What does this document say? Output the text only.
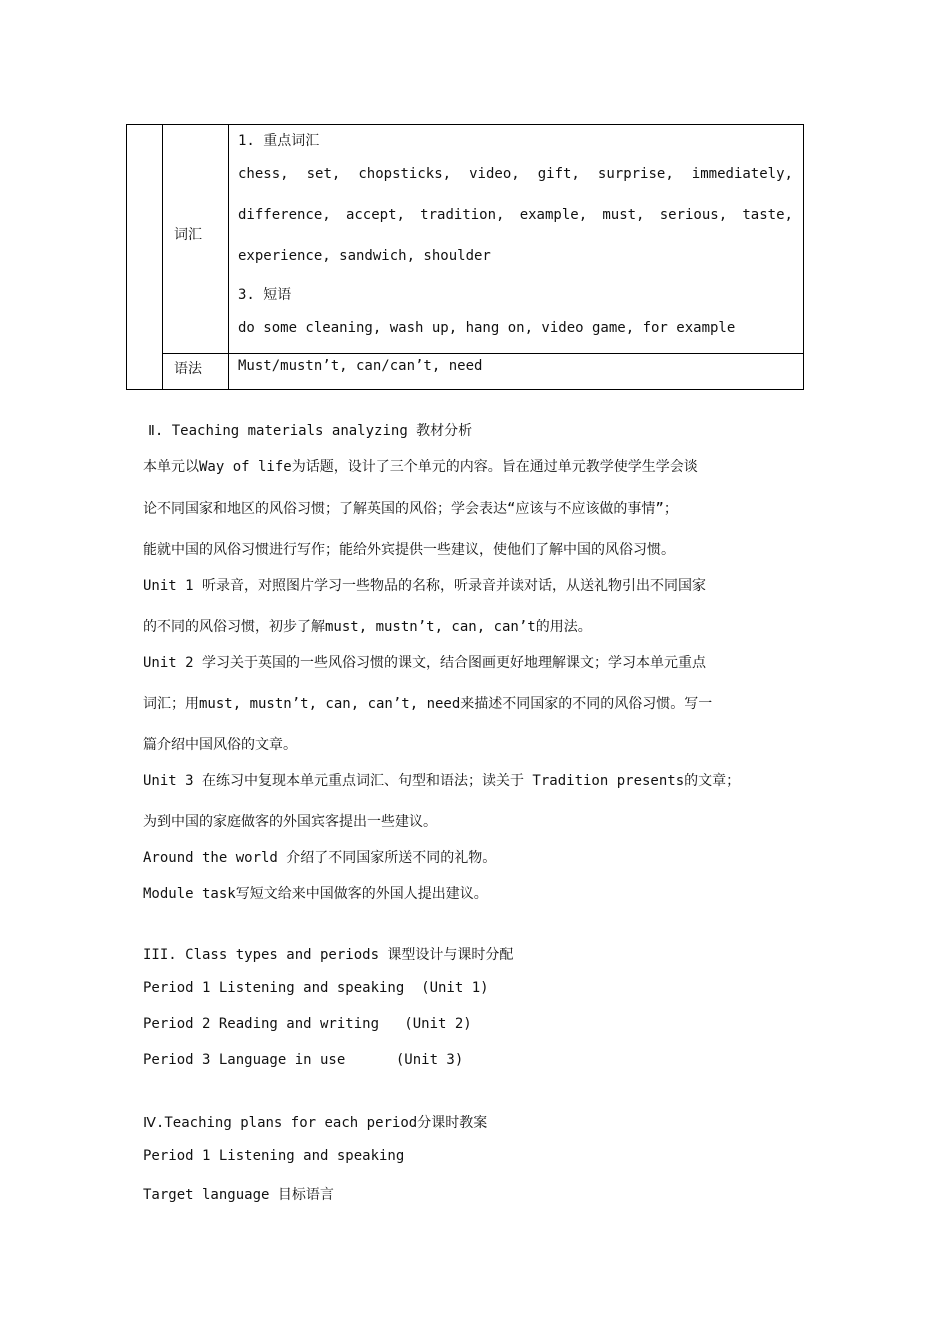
词汇
语法
1. 重点词汇
chess, set, chopsticks, video, gift, surprise, immediately,
difference, accept, tradition, example, must, serious, taste,
experience, sandwich, shoulder
3. 短语
do some cleaning, wash up, hang on, video game, for example
Must/mustn’t, can/can’t, need
Ⅱ. Teaching materials analyzing 教材分析
本单元以Way of life为话题，设计了三个单元的内容。旨在通过单元教学使学生学会谈
论不同国家和地区的风俗习惯；了解英国的风俗；学会表达“应该与不应该做的事情”；
能就中国的风俗习惯进行写作；能给外宾提供一些建议，使他们了解中国的风俗习惯。
Unit 1 听录音，对照图片学习一些物品的名称，听录音并读对话，从送礼物引出不同国家
的不同的风俗习惯，初步了解must, mustn’t, can, can’t的用法。
Unit 2 学习关于英国的一些风俗习惯的课文，结合图画更好地理解课文；学习本单元重点
词汇；用must, mustn’t, can, can’t, need来描述不同国家的不同的风俗习惯。写一
篇介绍中国风俗的文章。
Unit 3 在练习中复现本单元重点词汇、句型和语法；读关于 Tradition presents的文章；
为到中国的家庭做客的外国宾客提出一些建议。
Around the world 介绍了不同国家所送不同的礼物。
Module task写短文给来中国做客的外国人提出建议。
III. Class types and periods 课型设计与课时分配
Period 1 Listening and speaking  (Unit 1)
Period 2 Reading and writing   (Unit 2)
Period 3 Language in use      (Unit 3)
Ⅳ.Teaching plans for each period分课时教案
Period 1 Listening and speaking
Target language 目标语言
